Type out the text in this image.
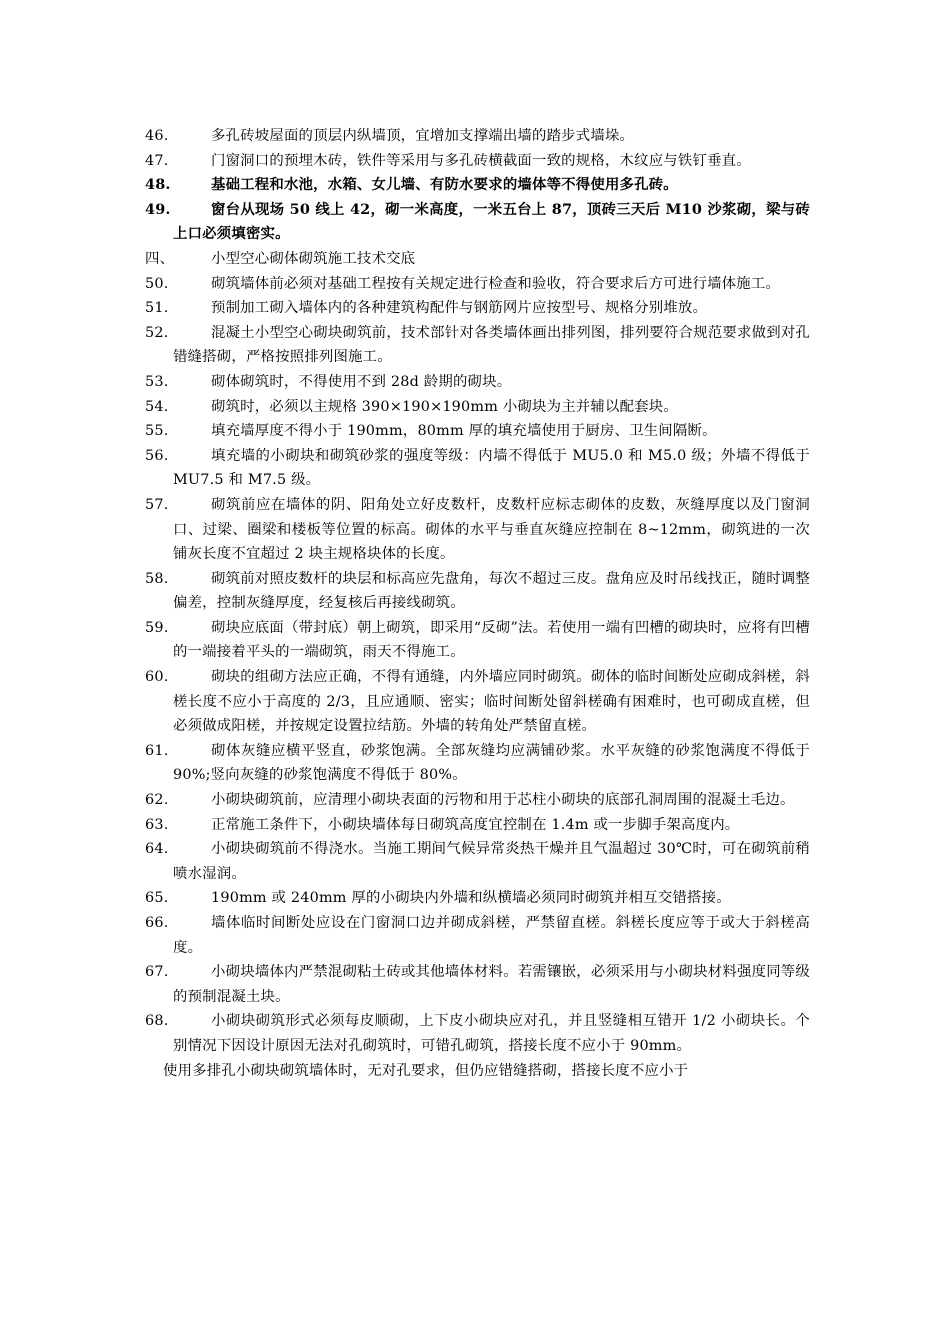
46.	多孔砖坡屋面的顶层内纵墙顶，宜增加支撑端出墙的踏步式墙垛。
47.	门窗洞口的预埋木砖，铁件等采用与多孔砖横截面一致的规格，木纹应与铁钉垂直。
48.	基础工程和水池，水箱、女儿墙、有防水要求的墙体等不得使用多孔砖。
49.	窗台从现场 50 线上 42，砌一米高度，一米五台上 87，顶砖三天后 M10 沙浆砌，梁与砖上口必须填密实。
四、	小型空心砌体砌筑施工技术交底
50.	砌筑墙体前必须对基础工程按有关规定进行检查和验收，符合要求后方可进行墙体施工。
51.	预制加工砌入墙体内的各种建筑构配件与钢筋网片应按型号、规格分别堆放。
52.	混凝土小型空心砌块砌筑前，技术部针对各类墙体画出排列图，排列要符合规范要求做到对孔错缝搭砌，严格按照排列图施工。
53.	砌体砌筑时，不得使用不到 28d 龄期的砌块。
54.	砌筑时，必须以主规格 390×190×190mm 小砌块为主并辅以配套块。
55.	填充墙厚度不得小于 190mm，80mm 厚的填充墙使用于厨房、卫生间隔断。
56.	填充墙的小砌块和砌筑砂浆的强度等级：内墙不得低于 MU5.0 和 M5.0 级；外墙不得低于 MU7.5 和 M7.5 级。
57.	砌筑前应在墙体的阴、阳角处立好皮数杆，皮数杆应标志砌体的皮数，灰缝厚度以及门窗洞口、过梁、圈梁和楼板等位置的标高。砌体的水平与垂直灰缝应控制在 8~12mm，砌筑进的一次铺灰长度不宜超过 2 块主规格块体的长度。
58.	砌筑前对照皮数杆的块层和标高应先盘角，每次不超过三皮。盘角应及时吊线找正，随时调整偏差，控制灰缝厚度，经复核后再接线砌筑。
59.	砌块应底面（带封底）朝上砌筑，即采用“反砌”法。若使用一端有凹槽的砌块时，应将有凹槽的一端接着平头的一端砌筑，雨天不得施工。
60.	砌块的组砌方法应正确，不得有通缝，内外墙应同时砌筑。砌体的临时间断处应砌成斜槎，斜槎长度不应小于高度的 2/3，且应通顺、密实；临时间断处留斜槎确有困难时，也可砌成直槎，但必须做成阳槎，并按规定设置拉结筋。外墙的转角处严禁留直槎。
61.	砌体灰缝应横平竖直，砂浆饱满。全部灰缝均应满铺砂浆。水平灰缝的砂浆饱满度不得低于 90%;竖向灰缝的砂浆饱满度不得低于 80%。
62.	小砌块砌筑前，应清理小砌块表面的污物和用于芯柱小砌块的底部孔洞周围的混凝土毛边。
63.	正常施工条件下，小砌块墙体每日砌筑高度宜控制在 1.4m 或一步脚手架高度内。
64.	小砌块砌筑前不得浇水。当施工期间气候异常炎热干燥并且气温超过 30℃时，可在砌筑前稍喷水湿润。
65.	190mm 或 240mm 厚的小砌块内外墙和纵横墙必须同时砌筑并相互交错搭接。
66.	墙体临时间断处应设在门窗洞口边并砌成斜槎，严禁留直槎。斜槎长度应等于或大于斜槎高度。
67.	小砌块墙体内严禁混砌粘土砖或其他墙体材料。若需镶嵌，必须采用与小砌块材料强度同等级的预制混凝土块。
68.	小砌块砌筑形式必须每皮顺砌，上下皮小砌块应对孔，并且竖缝相互错开 1/2 小砌块长。个别情况下因设计原因无法对孔砌筑时，可错孔砌筑，搭接长度不应小于 90mm。
使用多排孔小砌块砌筑墙体时，无对孔要求，但仍应错缝搭砌，搭接长度不应小于
